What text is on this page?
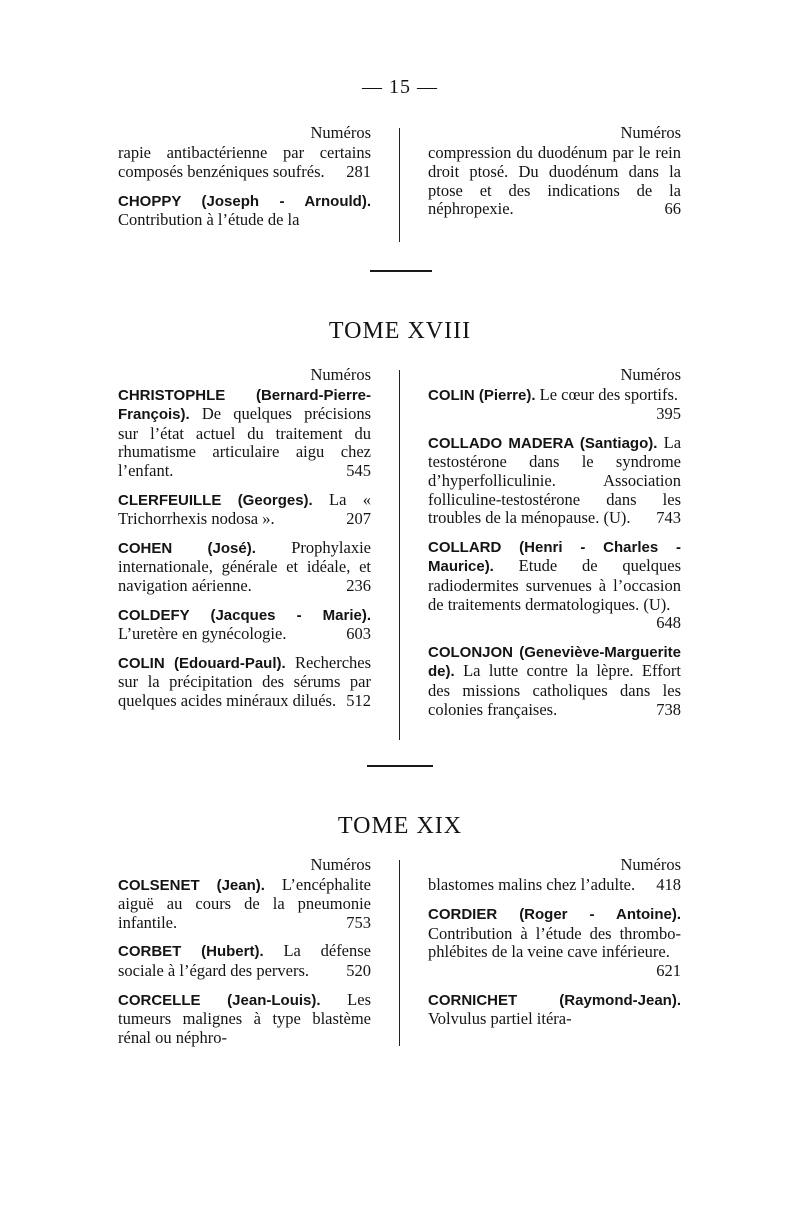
— 15 —
Numéros
rapie antibactérienne par certains composés benzéniques soufrés. 281
CHOPPY (Joseph - Arnould). Contribution à l’étude de la
Numéros
compression du duodénum par le rein droit ptosé. Du duodénum dans la ptose et des indications de la néphropexie.	66
TOME XVIII
Numéros
CHRISTOPHLE (Bernard-Pierre-François). De quelques précisions sur l’état actuel du traitement du rhumatisme articulaire aigu chez l’enfant.	545
CLERFEUILLE (Georges). La « Trichorrhexis nodosa ».	207
COHEN (José). Prophylaxie internationale, générale et idéale, et navigation aérienne.	236
COLDEFY (Jacques - Marie). L’uretère en gynécologie.	603
COLIN (Edouard-Paul). Recherches sur la précipitation des sérums par quelques acides minéraux dilués. 512
Numéros
COLIN (Pierre). Le cœur des sportifs.
395
COLLADO MADERA (Santiago). La testostérone dans le syndrome d’hyperfolliculinie. Association folliculine-testostérone dans les troubles de la ménopause. (U). 743
COLLARD (Henri - Charles - Maurice). Etude de quelques radiodermites survenues à l’occasion de traitements dermatologiques. (U).
648
COLONJON (Geneviève-Marguerite de). La lutte contre la lèpre. Effort des missions catholiques dans les colonies françaises.	738
TOME XIX
Numéros
COLSENET (Jean). L’encéphalite aiguë au cours de la pneumonie infantile.	753
CORBET (Hubert). La défense sociale à l’égard des pervers. 520
CORCELLE (Jean-Louis). Les tumeurs malignes à type blastème rénal ou néphro-
Numéros
blastomes malins chez l’adulte. 418
CORDIER (Roger - Antoine). Contribution à l’étude des thrombo-phlébites de la veine cave inférieure.
621
CORNICHET (Raymond-Jean). Volvulus partiel itéra-
